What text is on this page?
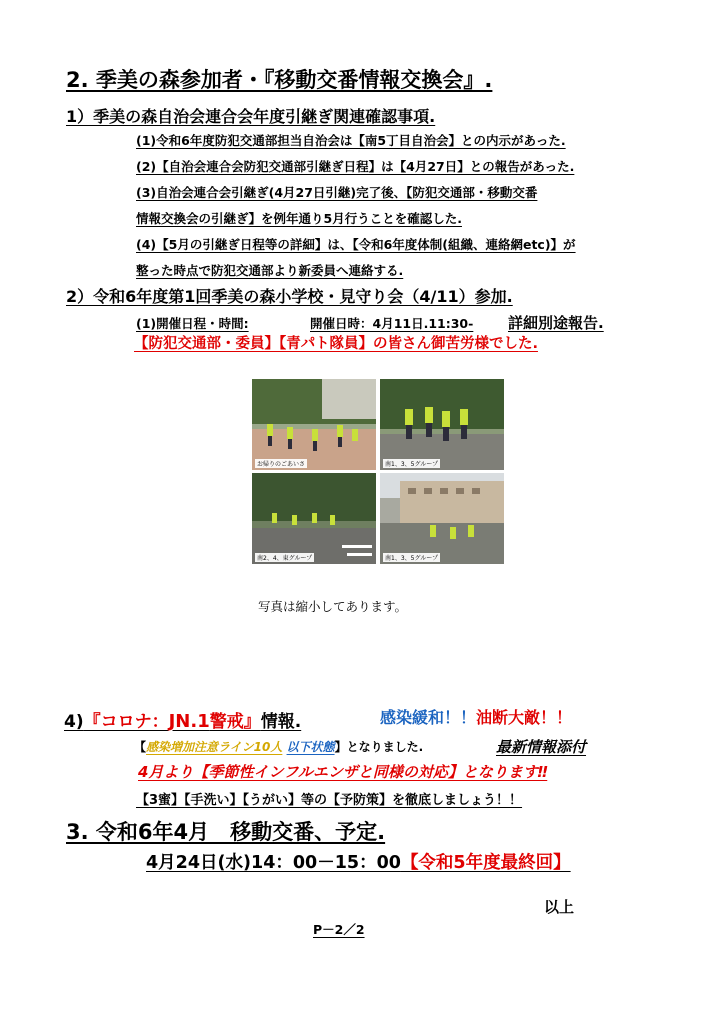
2. 季美の森参加者・『移動交番情報交換会』.
1）季美の森自治会連合会年度引継ぎ関連確認事項.
(1)令和6年度防犯交通部担当自治会は【南5丁目自治会】との内示があった.
(2)【自治会連合会防犯交通部引継ぎ日程】は【4月27日】との報告があった.
(3)自治会連合会引継ぎ(4月27日引継)完了後、【防犯交通部・移動交番
情報交換会の引継ぎ】を例年通り5月行うことを確認した.
(4)【5月の引継ぎ日程等の詳細】は、【令和6年度体制(組織、連絡網etc)】が
整った時点で防犯交通部より新委員へ連絡する.
2）令和6年度第1回季美の森小学校・見守り会（4/11）参加.
(1)開催日程・時間:	開催日時：4月11日.11:30- 詳細別途報告.
【防犯交通部・委員】【青パト隊員】の皆さん御苦労様でした.
お帰りのごあいさ	南1、3、5グループ
南2、4、東グループ	南1、3、5グループ
写真は縮小してあります。
4)『コロナ：JN.1警戒』情報.	感染緩和！！油断大敵！！
【感染増加注意ライン10人 以下状態】となりました.	最新情報添付
4月より【季節性インフルエンザと同様の対応】となります‼
【3蜜】【手洗い】【うがい】等の【予防策】を徹底しましょう！！
3. 令和6年4月　移動交番、予定.
4月24日(水)14：00－15：00【令和5年度最終回】
以上
P－2／2
